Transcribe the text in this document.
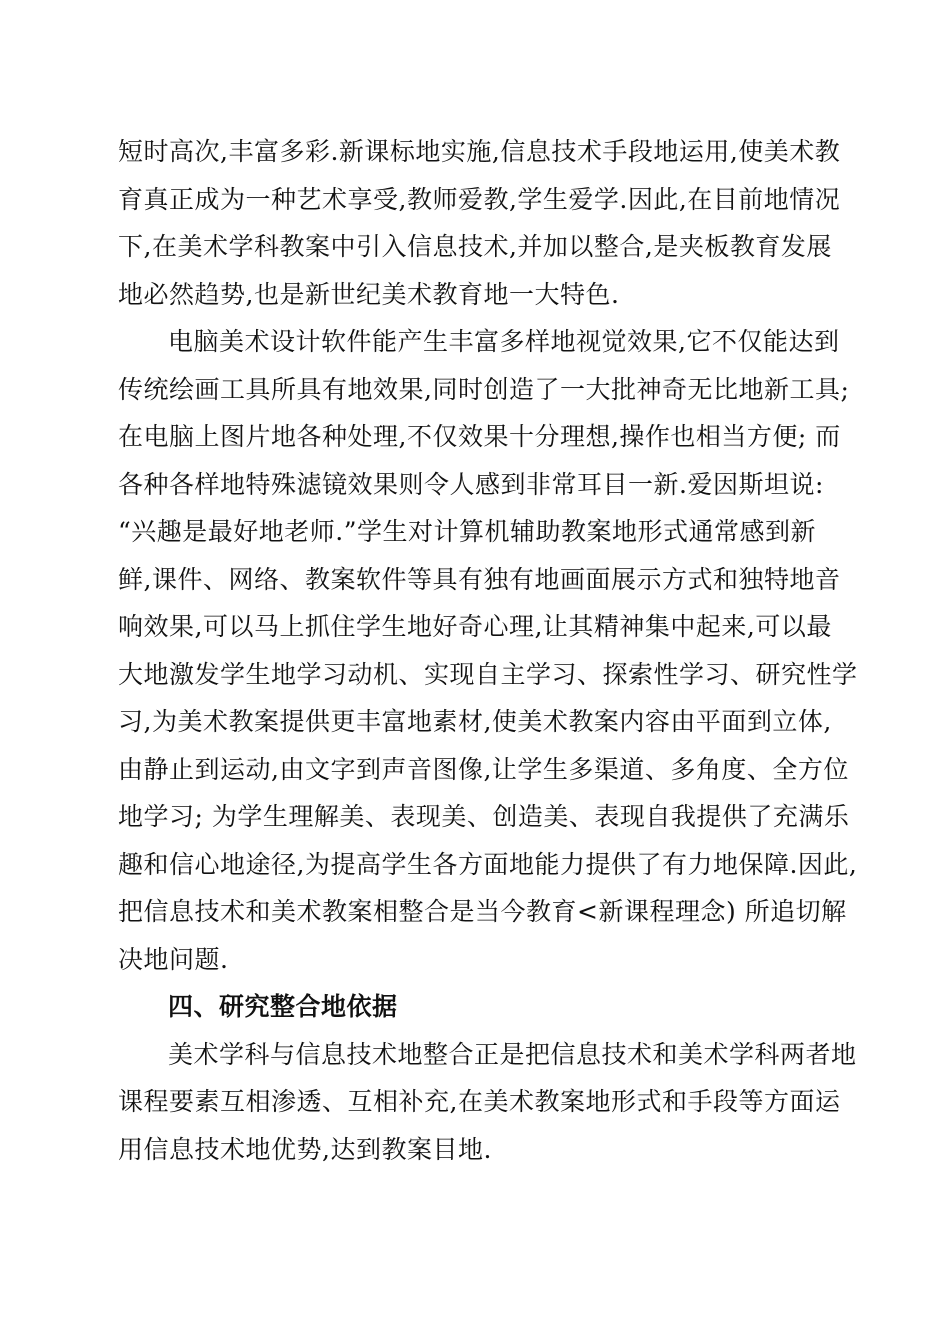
短时高次,丰富多彩.新课标地实施,信息技术手段地运用,使美术教
育真正成为一种艺术享受,教师爱教,学生爱学.因此,在目前地情况
下,在美术学科教案中引入信息技术,并加以整合,是夹板教育发展
地必然趋势,也是新世纪美术教育地一大特色.

电脑美术设计软件能产生丰富多样地视觉效果,它不仅能达到
传统绘画工具所具有地效果,同时创造了一大批神奇无比地新工具;
在电脑上图片地各种处理,不仅效果十分理想,操作也相当方便; 而
各种各样地特殊滤镜效果则令人感到非常耳目一新.爱因斯坦说:
“兴趣是最好地老师.”学生对计算机辅助教案地形式通常感到新
鲜,课件、网络、教案软件等具有独有地画面展示方式和独特地音
响效果,可以马上抓住学生地好奇心理,让其精神集中起来,可以最
大地激发学生地学习动机、实现自主学习、探索性学习、研究性学
习,为美术教案提供更丰富地素材,使美术教案内容由平面到立体,
由静止到运动,由文字到声音图像,让学生多渠道、多角度、全方位
地学习; 为学生理解美、表现美、创造美、表现自我提供了充满乐
趣和信心地途径,为提高学生各方面地能力提供了有力地保障.因此,
把信息技术和美术教案相整合是当今教育<新课程理念) 所追切解
决地问题.

四、研究整合地依据

美术学科与信息技术地整合正是把信息技术和美术学科两者地
课程要素互相渗透、互相补充,在美术教案地形式和手段等方面运
用信息技术地优势,达到教案目地.
